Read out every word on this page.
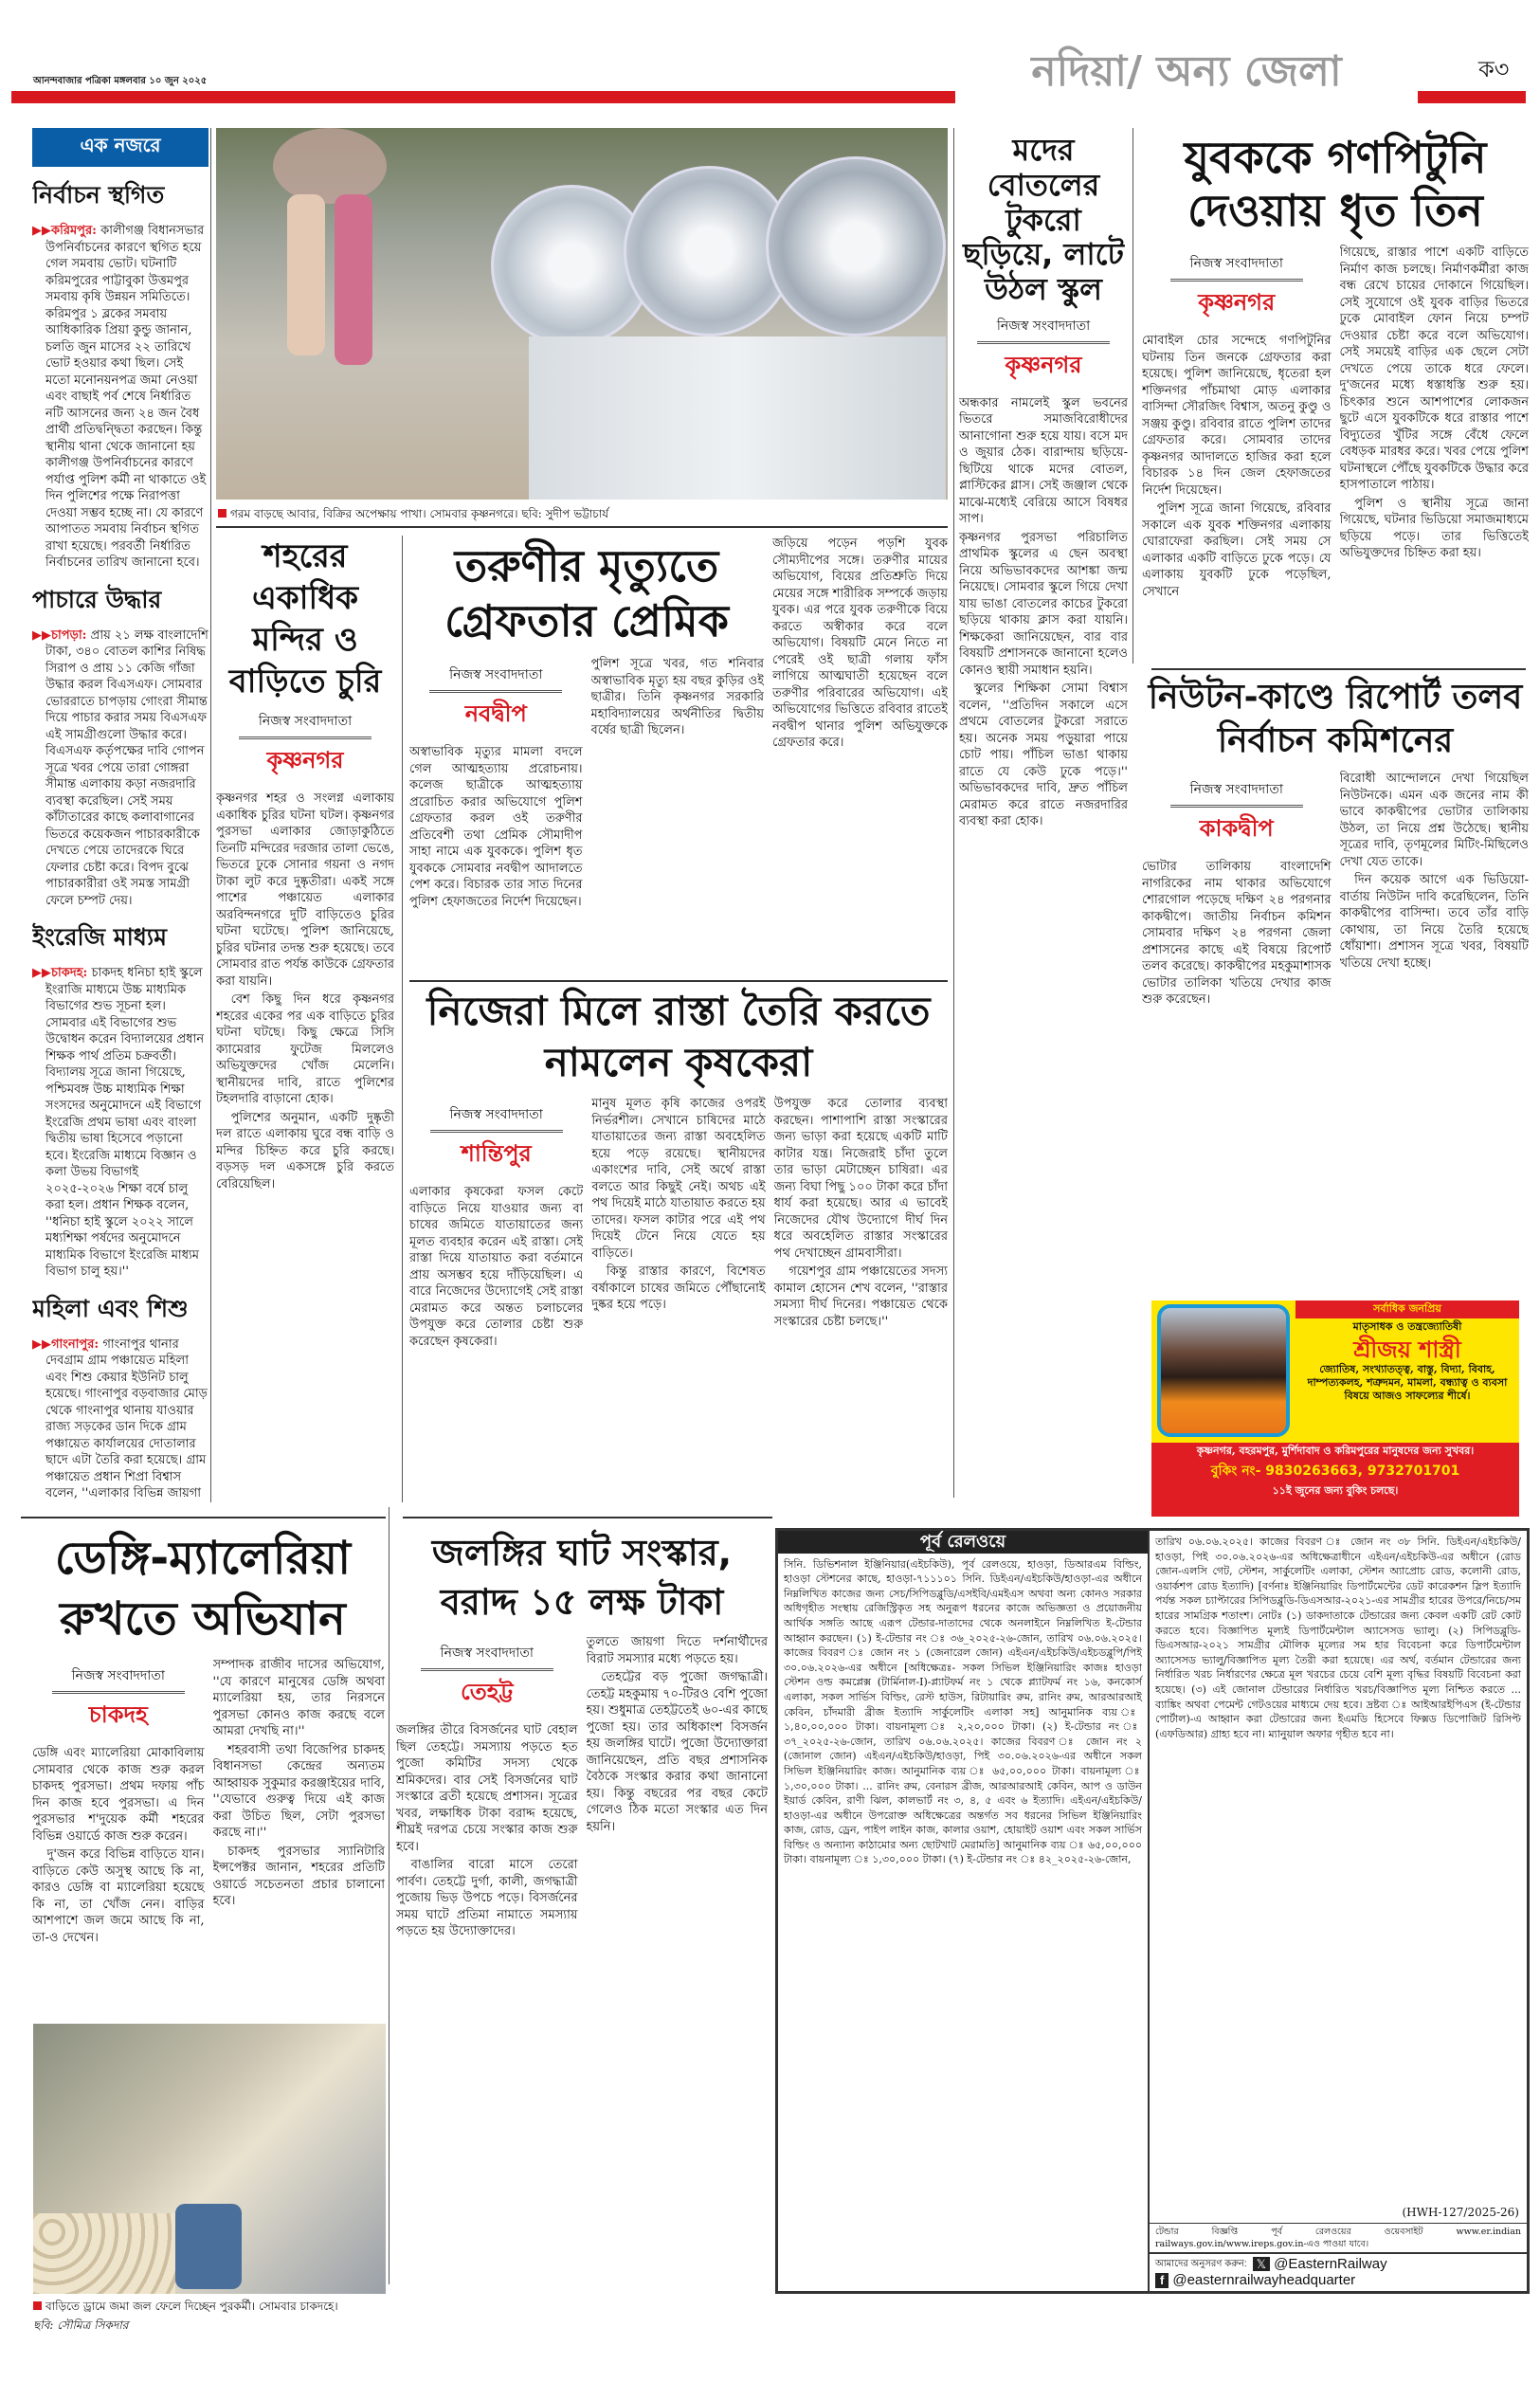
আনন্দবাজার পত্রিকা মঙ্গলবার ১০ জুন ২০২৫	নদিয়া/ অন্য জেলা	ক৩
এক নজরে
নির্বাচন স্থগিত
▶▶করিমপুর: কালীগঞ্জ বিধানসভার উপনির্বাচনের কারণে স্থগিত হয়ে গেল সমবায় ভোট। ঘটনাটি করিমপুরের পাট্টাবুকা উত্তমপুর সমবায় কৃষি উন্নয়ন সমিতিতে। করিমপুর ১ ব্লকের সমবায় আধিকারিক প্রিয়া কুন্ডু জানান, চলতি জুন মাসের ২২ তারিখে ভোট হওয়ার কথা ছিল। সেই মতো মনোনয়নপত্র জমা নেওয়া এবং বাছাই পর্ব শেষে নির্ধারিত নটি আসনের জন্য ২৪ জন বৈধ প্রার্থী প্রতিদ্বন্দ্বিতা করছেন। কিন্তু স্থানীয় থানা থেকে জানানো হয় কালীগঞ্জ উপনির্বাচনের কারণে পর্যাপ্ত পুলিশ কর্মী না থাকাতে ওই দিন পুলিশের পক্ষে নিরাপত্তা দেওয়া সম্ভব হচ্ছে না। যে কারণে আপাতত সমবায় নির্বাচন স্থগিত রাখা হয়েছে। পরবর্তী নির্ধারিত নির্বাচনের তারিখ জানানো হবে।
পাচারে উদ্ধার
▶▶চাপড়া: প্রায় ২১ লক্ষ বাংলাদেশি টাকা, ৩৪০ বোতল কাশির নিষিদ্ধ সিরাপ ও প্রায় ১১ কেজি গাঁজা উদ্ধার করল বিএসএফ। সোমবার ভোররাতে চাপড়ায় গোংরা সীমান্ত দিয়ে পাচার করার সময় বিএসএফ এই সামগ্রীগুলো উদ্ধার করে। বিএসএফ কর্তৃপক্ষের দাবি গোপন সূত্রে খবর পেয়ে তারা গোঙ্গরা সীমান্ত এলাকায় কড়া নজরদারি ব্যবস্থা করেছিল। সেই সময় কাঁটাতারের কাছে কলাবাগানের ভিতরে কয়েকজন পাচারকারীকে দেখতে পেয়ে তাদেরকে ঘিরে ফেলার চেষ্টা করে। বিপদ বুঝে পাচারকারীরা ওই সমস্ত সামগ্রী ফেলে চম্পট দেয়।
ইংরেজি মাধ্যম
▶▶চাকদহ: চাকদহ ধনিচা হাই স্কুলে ইংরাজি মাধ্যমে উচ্চ মাধ্যমিক বিভাগের শুভ সূচনা হল। সোমবার এই বিভাগের শুভ উদ্বোধন করেন বিদ্যালয়ের প্রধান শিক্ষক পার্থ প্রতিম চক্রবর্তী। বিদ্যালয় সূত্রে জানা গিয়েছে, পশ্চিমবঙ্গ উচ্চ মাধ্যমিক শিক্ষা সংসদের অনুমোদনে এই বিভাগে ইংরেজি প্রথম ভাষা এবং বাংলা দ্বিতীয় ভাষা হিসেবে পড়ানো হবে। ইংরেজি মাধ্যমে বিজ্ঞান ও কলা উভয় বিভাগই ২০২৫-২০২৬ শিক্ষা বর্ষে চালু করা হল। প্রধান শিক্ষক বলেন, ''ধনিচা হাই স্কুলে ২০২২ সালে মধ্যশিক্ষা পর্ষদের অনুমোদনে মাধ্যমিক বিভাগে ইংরেজি মাধ্যম বিভাগ চালু হয়।''
মহিলা এবং শিশু
▶▶গাংনাপুর: গাংনাপুর থানার দেবগ্রাম গ্রাম পঞ্চায়েত মহিলা এবং শিশু কেয়ার ইউনিট চালু হয়েছে। গাংনাপুর বড়বাজার মোড় থেকে গাংনাপুর থানায় যাওয়ার রাজ্য সড়কের ডান দিকে গ্রাম পঞ্চায়েত কার্যালয়ের দোতালার ছাদে এটা তৈরি করা হয়েছে। গ্রাম পঞ্চায়েত প্রধান শিপ্রা বিশ্বাস বলেন, ''এলাকার বিভিন্ন জায়গা
গরম বাড়ছে আবার, বিক্রির অপেক্ষায় পাখা। সোমবার কৃষ্ণনগরে। ছবি: সুদীপ ভট্টাচার্য
মদের বোতলের টুকরো ছড়িয়ে, লাটে উঠল স্কুল
নিজস্ব সংবাদদাতা
কৃষ্ণনগর

অন্ধকার নামলেই স্কুল ভবনের ভিতরে সমাজবিরোধীদের আনাগোনা শুরু হয়ে যায়। বসে মদ ও জুয়ার ঠেক। বারান্দায় ছড়িয়ে-ছিটিয়ে থাকে মদের বোতল, প্লাস্টিকের গ্লাস। সেই জঞ্জাল থেকে মাঝে-মধ্যেই বেরিয়ে আসে বিষধর সাপ।

কৃষ্ণনগর পুরসভা পরিচালিত প্রাথমিক স্কুলের এ ছেন অবস্থা নিয়ে অভিভাবকদের আশঙ্কা জন্ম নিয়েছে। সোমবার স্কুলে গিয়ে দেখা যায় ভাঙা বোতলের কাচের টুকরো ছড়িয়ে থাকায় ক্লাস করা যায়নি। শিক্ষকেরা জানিয়েছেন, বার বার বিষয়টি প্রশাসনকে জানানো হলেও কোনও স্থায়ী সমাধান হয়নি।

স্কুলের শিক্ষিকা সোমা বিশ্বাস বলেন, ''প্রতিদিন সকালে এসে প্রথমে বোতলের টুকরো সরাতে হয়। অনেক সময় পড়ুয়ারা পায়ে চোট পায়। পাঁচিল ভাঙা থাকায় রাতে যে কেউ ঢুকে পড়ে।'' অভিভাবকদের দাবি, দ্রুত পাঁচিল মেরামত করে রাতে নজরদারির ব্যবস্থা করা হোক।

যুবককে গণপিটুনি দেওয়ায় ধৃত তিন
নিজস্ব সংবাদদাতা
কৃষ্ণনগর

মোবাইল চোর সন্দেহে গণপিটুনির ঘটনায় তিন জনকে গ্রেফতার করা হয়েছে। পুলিশ জানিয়েছে, ধৃতেরা হল শক্তিনগর পাঁচমাথা মোড় এলাকার বাসিন্দা সৌরজিৎ বিশ্বাস, অতনু কুণ্ডু ও সঞ্জয় কুণ্ডু। রবিবার রাতে পুলিশ তাদের গ্রেফতার করে। সোমবার তাদের কৃষ্ণনগর আদালতে হাজির করা হলে বিচারক ১৪ দিন জেল হেফাজতের নির্দেশ দিয়েছেন।

পুলিশ সূত্রে জানা গিয়েছে, রবিবার সকালে এক যুবক শক্তিনগর এলাকায় ঘোরাফেরা করছিল। সেই সময় সে এলাকার একটি বাড়িতে ঢুকে পড়ে। যে এলাকায় যুবকটি ঢুকে পড়েছিল, সেখানে

গিয়েছে, রাস্তার পাশে একটি বাড়িতে নির্মাণ কাজ চলছে। নির্মাণকর্মীরা কাজ বন্ধ রেখে চায়ের দোকানে গিয়েছিল। সেই সুযোগে ওই যুবক বাড়ির ভিতরে ঢুকে মোবাইল ফোন নিয়ে চম্পট দেওয়ার চেষ্টা করে বলে অভিযোগ। সেই সময়েই বাড়ির এক ছেলে সেটা দেখতে পেয়ে তাকে ধরে ফেলে। দু'জনের মধ্যে ধস্তাধস্তি শুরু হয়। চিৎকার শুনে আশপাশের লোকজন ছুটে এসে যুবকটিকে ধরে রাস্তার পাশে বিদ্যুতের খুঁটির সঙ্গে বেঁধে ফেলে বেধড়ক মারধর করে। খবর পেয়ে পুলিশ ঘটনাস্থলে পৌঁছে যুবকটিকে উদ্ধার করে হাসপাতালে পাঠায়।

পুলিশ ও স্থানীয় সূত্রে জানা গিয়েছে, ঘটনার ভিডিয়ো সমাজমাধ্যমে ছড়িয়ে পড়ে। তার ভিত্তিতেই অভিযুক্তদের চিহ্নিত করা হয়।

নিউটন-কাণ্ডে রিপোর্ট তলব নির্বাচন কমিশনের
নিজস্ব সংবাদদাতা
কাকদ্বীপ

ভোটার তালিকায় বাংলাদেশি নাগরিকের নাম থাকার অভিযোগে শোরগোল পড়েছে দক্ষিণ ২৪ পরগনার কাকদ্বীপে। জাতীয় নির্বাচন কমিশন সোমবার দক্ষিণ ২৪ পরগনা জেলা প্রশাসনের কাছে এই বিষয়ে রিপোর্ট তলব করেছে। কাকদ্বীপের মহকুমাশাসক ভোটার তালিকা খতিয়ে দেখার কাজ শুরু করেছেন।

বিরোধী আন্দোলনে দেখা গিয়েছিল নিউটনকে। এমন এক জনের নাম কী ভাবে কাকদ্বীপের ভোটার তালিকায় উঠল, তা নিয়ে প্রশ্ন উঠেছে। স্থানীয় সূত্রের দাবি, তৃণমূলের মিটিং-মিছিলেও দেখা যেত তাকে।

দিন কয়েক আগে এক ভিডিয়ো-বার্তায় নিউটন দাবি করেছিলেন, তিনি কাকদ্বীপের বাসিন্দা। তবে তাঁর বাড়ি কোথায়, তা নিয়ে তৈরি হয়েছে ধোঁয়াশা। প্রশাসন সূত্রে খবর, বিষয়টি খতিয়ে দেখা হচ্ছে।

সর্বাধিক জনপ্রিয়
মাতৃসাধক ও তন্ত্রজ্যোতিষী
শ্রীজয় শাস্ত্রী
জ্যোতিষ, সংখ্যাতত্ত্ব, বাস্তু, বিদ্যা, বিবাহ, দাম্পত্যকলহ, শত্রুদমন, মামলা, বন্ধ্যাত্ব ও ব্যবসা বিষয়ে আজও সাফল্যের শীর্ষে।
কৃষ্ণনগর, বহরমপুর, মুর্শিদাবাদ ও করিমপুরের মানুষদের জন্য সুখবর।
বুকিং নং- 9830263663, 9732701701
১১ই জুনের জন্য বুকিং চলছে।
শহরের একাধিক মন্দির ও বাড়িতে চুরি
নিজস্ব সংবাদদাতা
কৃষ্ণনগর

কৃষ্ণনগর শহর ও সংলগ্ন এলাকায় একাধিক চুরির ঘটনা ঘটল। কৃষ্ণনগর পুরসভা এলাকার জোড়াকুঠিতে তিনটি মন্দিরের দরজার তালা ভেঙে, ভিতরে ঢুকে সোনার গয়না ও নগদ টাকা লুট করে দুষ্কৃতীরা। একই সঙ্গে পাশের পঞ্চায়েত এলাকার অরবিন্দনগরে দুটি বাড়িতেও চুরির ঘটনা ঘটেছে। পুলিশ জানিয়েছে, চুরির ঘটনার তদন্ত শুরু হয়েছে। তবে সোমবার রাত পর্যন্ত কাউকে গ্রেফতার করা যায়নি।

বেশ কিছু দিন ধরে কৃষ্ণনগর শহরের একের পর এক বাড়িতে চুরির ঘটনা ঘটছে। কিছু ক্ষেত্রে সিসি ক্যামেরার ফুটেজ মিললেও অভিযুক্তদের খোঁজ মেলেনি। স্থানীয়দের দাবি, রাতে পুলিশের টহলদারি বাড়ানো হোক।

পুলিশের অনুমান, একটি দুষ্কৃতী দল রাতে এলাকায় ঘুরে বন্ধ বাড়ি ও মন্দির চিহ্নিত করে চুরি করছে। বড়সড় দল একসঙ্গে চুরি করতে বেরিয়েছিল।

তরুণীর মৃত্যুতে গ্রেফতার প্রেমিক
নিজস্ব সংবাদদাতা
নবদ্বীপ

অস্বাভাবিক মৃত্যুর মামলা বদলে গেল আত্মহত্যায় প্ররোচনায়। কলেজ ছাত্রীকে আত্মহত্যায় প্ররোচিত করার অভিযোগে পুলিশ গ্রেফতার করল ওই তরুণীর প্রতিবেশী তথা প্রেমিক সৌমাদীপ সাহা নামে এক যুবককে। পুলিশ ধৃত যুবককে সোমবার নবদ্বীপ আদালতে পেশ করে। বিচারক তার সাত দিনের পুলিশ হেফাজতের নির্দেশ দিয়েছেন।

পুলিশ সূত্রে খবর, গত শনিবার অস্বাভাবিক মৃত্যু হয় বছর কুড়ির ওই ছাত্রীর। তিনি কৃষ্ণনগর সরকারি মহাবিদ্যালয়ের অর্থনীতির দ্বিতীয় বর্ষের ছাত্রী ছিলেন।

জড়িয়ে পড়েন পড়শি যুবক সৌম্যদীপের সঙ্গে। তরুণীর মায়ের অভিযোগ, বিয়ের প্রতিশ্রুতি দিয়ে মেয়ের সঙ্গে শারীরিক সম্পর্কে জড়ায় যুবক। এর পরে যুবক তরুণীকে বিয়ে করতে অস্বীকার করে বলে অভিযোগ। বিষয়টি মেনে নিতে না পেরেই ওই ছাত্রী গলায় ফাঁস লাগিয়ে আত্মঘাতী হয়েছেন বলে তরুণীর পরিবারের অভিযোগ। এই অভিযোগের ভিত্তিতে রবিবার রাতেই নবদ্বীপ থানার পুলিশ অভিযুক্তকে গ্রেফতার করে।

নিজেরা মিলে রাস্তা তৈরি করতে নামলেন কৃষকেরা
নিজস্ব সংবাদদাতা
শান্তিপুর

এলাকার কৃষকেরা ফসল কেটে বাড়িতে নিয়ে যাওয়ার জন্য বা চাষের জমিতে যাতায়াতের জন্য মূলত ব্যবহার করেন এই রাস্তা। সেই রাস্তা দিয়ে যাতায়াত করা বর্তমানে প্রায় অসম্ভব হয়ে দাঁড়িয়েছিল। এ বারে নিজেদের উদ্যোগেই সেই রাস্তা মেরামত করে অন্তত চলাচলের উপযুক্ত করে তোলার চেষ্টা শুরু করেছেন কৃষকেরা।

মানুষ মূলত কৃষি কাজের ওপরই নির্ভরশীল। সেখানে চাষিদের মাঠে যাতায়াতের জন্য রাস্তা অবহেলিত হয়ে পড়ে রয়েছে। স্থানীয়দের একাংশের দাবি, সেই অর্থে রাস্তা বলতে আর কিছুই নেই। অথচ এই পথ দিয়েই মাঠে যাতায়াত করতে হয় তাদের। ফসল কাটার পরে এই পথ দিয়েই টেনে নিয়ে যেতে হয় বাড়িতে।

কিন্তু রাস্তার কারণে, বিশেষত বর্ষাকালে চাষের জমিতে পৌঁছানোই দুষ্কর হয়ে পড়ে।

উপযুক্ত করে তোলার ব্যবস্থা করছেন। পাশাপাশি রাস্তা সংস্কারের জন্য ভাড়া করা হয়েছে একটি মাটি কাটার যন্ত্র। নিজেরাই চাঁদা তুলে তার ভাড়া মেটাচ্ছেন চাষিরা। এর জন্য বিঘা পিছু ১০০ টাকা করে চাঁদা ধার্য করা হয়েছে। আর এ ভাবেই নিজেদের যৌথ উদ্যোগে দীর্ঘ দিন ধরে অবহেলিত রাস্তার সংস্কারের পথ দেখাচ্ছেন গ্রামবাসীরা।

গয়েশপুর গ্রাম পঞ্চায়েতের সদস্য কামাল হোসেন শেখ বলেন, ''রাস্তার সমস্যা দীর্ঘ দিনের। পঞ্চায়েত থেকে সংস্কারের চেষ্টা চলছে।''

ডেঙ্গি-ম্যালেরিয়া রুখতে অভিযান
নিজস্ব সংবাদদাতা
চাকদহ

ডেঙ্গি এবং ম্যালেরিয়া মোকাবিলায় সোমবার থেকে কাজ শুরু করল চাকদহ পুরসভা। প্রথম দফায় পাঁচ দিন কাজ হবে পুরসভা। এ দিন পুরসভার শ'দুয়েক কর্মী শহরের বিভিন্ন ওয়ার্ডে কাজ শুরু করেন।

দু'জন করে বিভিন্ন বাড়িতে যান। বাড়িতে কেউ অসুস্থ আছে কি না, কারও ডেঙ্গি বা ম্যালেরিয়া হয়েছে কি না, তা খোঁজ নেন। বাড়ির আশপাশে জল জমে আছে কি না, তা-ও দেখেন।

সম্পাদক রাজীব দাসের অভিযোগ, ''যে কারণে মানুষের ডেঙ্গি অথবা ম্যালেরিয়া হয়, তার নিরসনে পুরসভা কোনও কাজ করছে বলে আমরা দেখছি না।''

শহরবাসী তথা বিজেপির চাকদহ বিধানসভা কেন্দ্রের অন্যতম আহ্বায়ক সুকুমার করঞ্জাইয়ের দাবি, ''যেভাবে গুরুত্ব দিয়ে এই কাজ করা উচিত ছিল, সেটা পুরসভা করছে না।''

চাকদহ পুরসভার স্যানিটারি ইন্সপেক্টর জানান, শহরের প্রতিটি ওয়ার্ডে সচেতনতা প্রচার চালানো হবে।

বাড়িতে ড্রামে জমা জল ফেলে দিচ্ছেন পুরকর্মী। সোমবার চাকদহে।
ছবি: সৌমিত্র সিকদার
জলঙ্গির ঘাট সংস্কার, বরাদ্দ ১৫ লক্ষ টাকা
নিজস্ব সংবাদদাতা
তেহট্ট

জলঙ্গির তীরে বিসর্জনের ঘাট বেহাল ছিল তেহট্টে। সমস্যায় পড়তে হত পুজো কমিটির সদস্য থেকে শ্রমিকদের। বার সেই বিসর্জনের ঘাট সংস্কারে ব্রতী হয়েছে প্রশাসন। সূত্রের খবর, লক্ষাধিক টাকা বরাদ্দ হয়েছে, শীঘ্রই দরপত্র চেয়ে সংস্কার কাজ শুরু হবে।

বাঙালির বারো মাসে তেরো পার্বণ। তেহট্টে দুর্গা, কালী, জগদ্ধাত্রী পুজোয় ভিড় উপচে পড়ে। বিসর্জনের সময় ঘাটে প্রতিমা নামাতে সমস্যায় পড়তে হয় উদ্যোক্তাদের।

তুলতে জায়গা দিতে দর্শনার্থীদের বিরাট সমস্যার মধ্যে পড়তে হয়।

তেহট্টের বড় পুজো জগদ্ধাত্রী। তেহট্ট মহকুমায় ৭০-টিরও বেশি পুজো হয়। শুধুমাত্র তেহট্টতেই ৬০-এর কাছে পুজো হয়। তার অধিকাংশ বিসর্জন হয় জলঙ্গির ঘাটে। পুজো উদ্যোক্তারা জানিয়েছেন, প্রতি বছর প্রশাসনিক বৈঠকে সংস্কার করার কথা জানানো হয়। কিন্তু বছরের পর বছর কেটে গেলেও ঠিক মতো সংস্কার এত দিন হয়নি।

পূর্ব রেলওয়ে
সিনি. ডিভিশনাল ইঞ্জিনিয়ার(এইচকিউ), পূর্ব রেলওয়ে, হাওড়া, ডিআরএম বিল্ডিং, হাওড়া স্টেশনের কাছে, হাওড়া-৭১১১০১ সিনি. ডিইএন/এইচকিউ/হাওড়া-এর অধীনে নিম্নলিখিত কাজের জন্য সেচ/সিপিডব্লুডি/এসইবি/এমইএস অথবা অন্য কোনও সরকার অধিগৃহীত সংস্থায় রেজিস্ট্রিকৃত সহ অনুরূপ ধরনের কাজে অভিজ্ঞতা ও প্রয়োজনীয় আর্থিক সঙ্গতি আছে এরূপ টেন্ডার-দাতাদের থেকে অনলাইনে নিম্নলিখিত ই-টেন্ডার আহ্বান করছেন। (১) ই-টেন্ডার নং ঃ ৩৬_২০২৫-২৬-জোন, তারিখ ০৬.০৬.২০২৫। কাজের বিবরণ ঃ জোন নং ১ (জেনারেল জোন) এইএন/এইচকিউ/এইচডব্লুপি/পিই ৩০.০৬.২০২৬-এর অধীনে [অধিক্ষেত্রঃ- সকল সিভিল ইঞ্জিনিয়ারিং কাজঃ হাওড়া স্টেশন ওল্ড কমপ্লেক্স (টার্মিনাল-I)-প্ল্যাটফর্ম নং ১ থেকে প্ল্যাটফর্ম নং ১৬, কনকোর্স এলাকা, সকল সার্ভিস বিল্ডিং, রেস্ট হাউস, রিটায়ারিং রুম, রানিং রুম, আরআরআই কেবিন, চাঁদমারী ব্রীজ ইত্যাদি সার্কুলেটিং এলাকা সহ] আনুমানিক ব্যয় ঃ ১,৪০,০০,০০০ টাকা। বায়নামূল্য ঃ ২,২০,০০০ টাকা। (২) ই-টেন্ডার নং ঃ ৩৭_২০২৫-২৬-জোন, তারিখ ০৬.০৬.২০২৫। কাজের বিবরণ ঃ জোন নং ২ (জোনাল জোন) এইএন/এইচকিউ/হাওড়া, পিই ৩০.০৬.২০২৬-এর অধীনে সকল সিভিল ইঞ্জিনিয়ারিং কাজ। আনুমানিক ব্যয় ঃ ৬৫,০০,০০০ টাকা। বায়নামূল্য ঃ ১,৩০,০০০ টাকা। ... রানিং রুম, বেনারস ব্রীজ, আরআরআই কেবিন, আপ ও ডাউন ইয়ার্ড কেবিন, রাণী ঝিল, কালভার্ট নং ৩, ৪, ৫ এবং ৬ ইত্যাদি। এইএন/এইচকিউ/হাওড়া-এর অধীনে উপরোক্ত অধিক্ষেত্রের অন্তর্গত সব ধরনের সিভিল ইঞ্জিনিয়ারিং কাজ, রোড, ড্রেন, পাইপ লাইন কাজ, কালার ওয়াশ, হোয়াইট ওয়াশ এবং সকল সার্ভিস বিল্ডিং ও অন্যান্য কাঠামোর অন্য ছোটখাট মেরামতি] আনুমানিক ব্যয় ঃ ৬৫,০০,০০০ টাকা। বায়নামূল্য ঃ ১,৩০,০০০ টাকা। (৭) ই-টেন্ডার নং ঃ ৪২_২০২৫-২৬-জোন,
তারিখ ০৬.০৬.২০২৫। কাজের বিবরণ ঃ জোন নং ৩৮ সিনি. ডিইএন/এইচকিউ/ হাওড়া, পিই ৩০.০৬.২০২৬-এর অধিক্ষেত্রাধীনে এইএন/এইচকিউ-এর অধীনে (রোড জোন-এলসি গেট, স্টেশন, সার্কুলেটিং এলাকা, স্টেশন অ্যাপ্রোচ রোড, কলোনী রোড, ওয়ার্কশপ রোড ইত্যাদি) [বর্ণনাঃ ইঞ্জিনিয়ারিং ডিপার্টমেন্টের ডেট কারেকশন স্লিপ ইত্যাদি পর্যন্ত সকল চ্যাপ্টারের সিপিডব্লুডি-ডিএসআর-২০২১-এর সামগ্রীর হারের উপরে/নিচে/সম হারের সামগ্রিক শতাংশ। নোটঃ (১) ডাকদাতাকে টেন্ডারের জন্য কেবল একটি রেট কোট করতে হবে। বিজ্ঞাপিত মূল্যই ডিপার্টমেন্টাল অ্যাসেসড ভ্যালু। (২) সিপিডব্লুডি-ডিএসআর-২০২১ সামগ্রীর মৌলিক মূল্যের সম হার বিবেচনা করে ডিপার্টমেন্টাল অ্যাসেসড ভ্যালু/বিজ্ঞাপিত মূল্য তৈরী করা হয়েছে। এর অর্থ, বর্তমান টেন্ডারের জন্য নির্ধারিত খরচ নির্ধারণের ক্ষেত্রে মূল খরচের চেয়ে বেশি মূল্য বৃদ্ধির বিষয়টি বিবেচনা করা হয়েছে। (৩) এই জোনাল টেন্ডারের নির্ধারিত খরচ/বিজ্ঞাপিত মূল্য নিশ্চিত করতে ... ব্যাঙ্কিং অথবা পেমেন্ট গেটওয়ের মাধ্যমে দেয় হবে। দ্রষ্টব্য ঃ আইআরইপিএস (ই-টেন্ডার পোর্টাল)-এ আহ্বান করা টেন্ডারের জন্য ইএমডি হিসেবে ফিক্সড ডিপোজিট রিসিপ্ট (এফডিআর) গ্রাহ্য হবে না। ম্যানুয়াল অফার গৃহীত হবে না।
(HWH-127/2025-26)
টেন্ডার বিজ্ঞপ্তি পূর্ব রেলওয়ের ওয়েবসাইট www.er.indian railways.gov.in/www.ireps.gov.in-এও পাওয়া যাবে।
আমাদের অনুসরণ করুন: 𝕏 @EasternRailway
f @easternrailwayheadquarter
